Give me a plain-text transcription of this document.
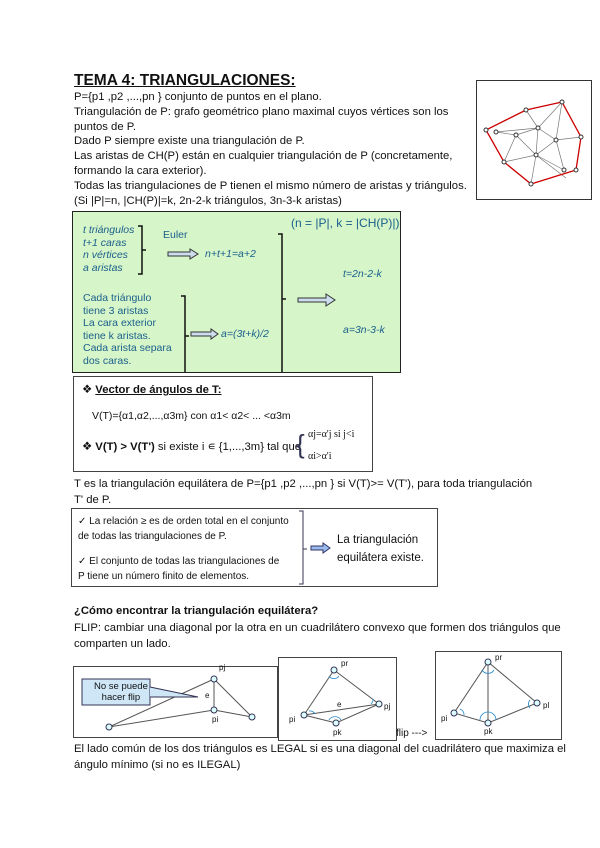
TEMA 4: TRIANGULACIONES:
P={p1 ,p2 ,...,pn } conjunto de puntos en el plano.
Triangulación de P: grafo geométrico plano maximal cuyos vértices son los
puntos de P.
Dado P siempre existe una triangulación de P.
Las aristas de CH(P) están en cualquier triangulación de P (concretamente,
formando la cara exterior).
Todas las triangulaciones de P tienen el mismo número de aristas y triángulos.
(Si |P|=n, |CH(P)|=k, 2n-2-k triángulos, 3n-3-k aristas)
t triángulos
t+1 caras
n vértices
a aristas
Euler
n+t+1=a+2
Cada triángulo
tiene 3 aristas
La cara exterior
tiene k aristas.
Cada arista separa
dos caras.
a=(3t+k)/2
(n = |P|, k = |CH(P)|)
t=2n-2-k
a=3n-3-k
❖ Vector de ángulos de T:
V(T)={α1,α2,...,α3m} con α1< α2< ... <α3m
❖ V(T) > V(T') si existe i ∊ {1,...,3m} tal que
{ αj=α'j si j<i
αi>α'i
T es la triangulación equilátera de P={p1 ,p2 ,...,pn } si V(T)>= V(T'), para toda triangulación
T' de P.
✓ La relación ≥ es de orden total en el conjunto
de todas las triangulaciones de P.
✓ El conjunto de todas las triangulaciones de
P tiene un número finito de elementos.
La triangulación
equilátera existe.
¿Cómo encontrar la triangulación equilátera?
FLIP: cambiar una diagonal por la otra en un cuadrilátero convexo que formen dos triángulos que
comparten un lado.
No se puede
hacer flip
pj
pi
e
pr
pi
pj
pk
e
flip --->
pr
pi
pl
pk
El lado común de los dos triángulos es LEGAL si es una diagonal del cuadrilátero que maximiza el
ángulo mínimo (si no es ILEGAL)
